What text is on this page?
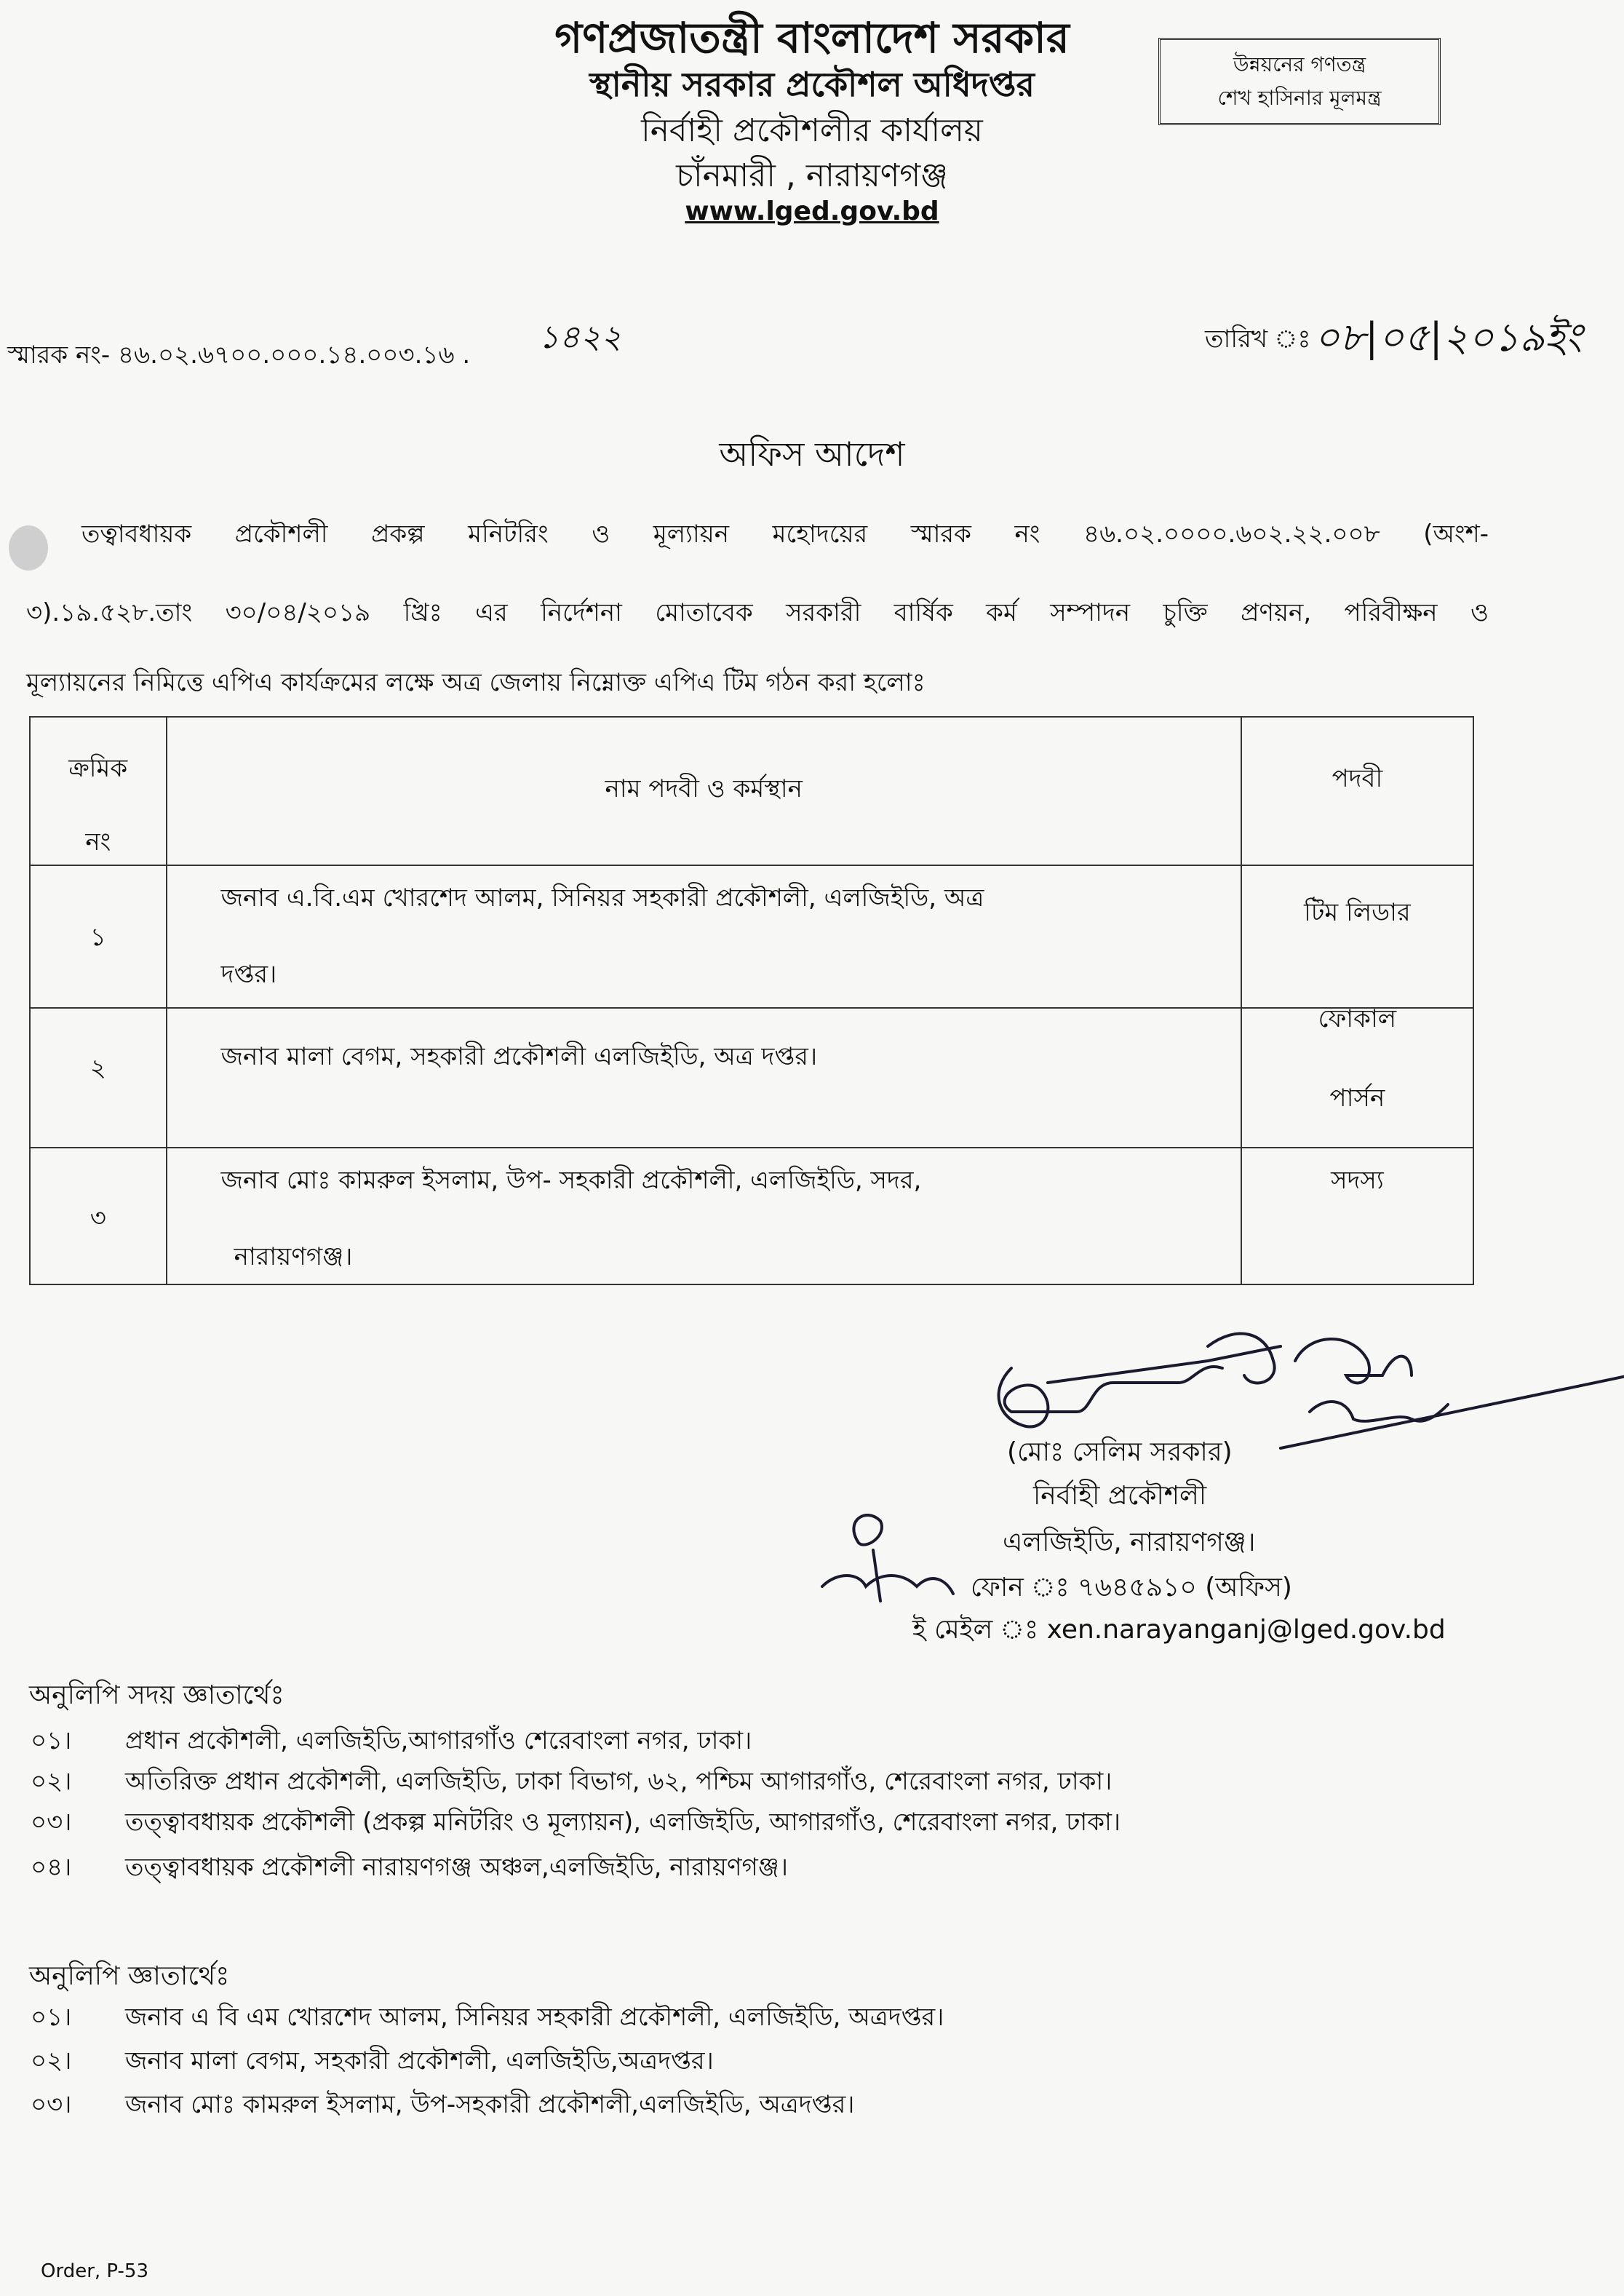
গণপ্রজাতন্ত্রী বাংলাদেশ সরকার
স্থানীয় সরকার প্রকৌশল অধিদপ্তর
নির্বাহী প্রকৌশলীর কার্যালয়
চাঁনমারী , নারায়ণগঞ্জ
www.lged.gov.bd
উন্নয়নের গণতন্ত্র
শেখ হাসিনার মূলমন্ত্র
স্মারক নং- ৪৬.০২.৬৭০০.০০০.১৪.০০৩.১৬ . ১৪২২	তারিখ ঃ ০৮|০৫|২০১৯ইং
অফিস আদেশ
তত্বাবধায়ক প্রকৌশলী প্রকল্প মনিটরিং ও মূল্যায়ন মহোদয়ের স্মারক নং ৪৬.০২.০০০০.৬০২.২২.০০৮ (অংশ-
৩).১৯.৫২৮.তাং ৩০/০৪/২০১৯ খ্রিঃ এর নির্দেশনা মোতাবেক সরকারী বার্ষিক কর্ম সম্পাদন চুক্তি প্রণয়ন, পরিবীক্ষন ও
মূল্যায়নের নিমিত্তে এপিএ কার্যক্রমের লক্ষে অত্র জেলায় নিম্নোক্ত এপিএ টিম গঠন করা হলোঃ
ক্রমিক
নং	নাম পদবী ও কর্মস্থান	পদবী

১	জনাব এ.বি.এম খোরশেদ আলম, সিনিয়র সহকারী প্রকৌশলী, এলজিইডি, অত্র
দপ্তর।	টিম লিডার

২	জনাব মালা বেগম, সহকারী প্রকৌশলী এলজিইডি, অত্র দপ্তর।	ফোকাল
পার্সন

৩	জনাব মোঃ কামরুল ইসলাম, উপ- সহকারী প্রকৌশলী, এলজিইডি, সদর,
নারায়ণগঞ্জ।	সদস্য
(মোঃ সেলিম সরকার)
নির্বাহী প্রকৌশলী
এলজিইডি, নারায়ণগঞ্জ।
ফোন ঃ ৭৬৪৫৯১০ (অফিস)
ই মেইল ঃ xen.narayanganj@lged.gov.bd
অনুলিপি সদয় জ্ঞাতার্থেঃ
০১। প্রধান প্রকৌশলী, এলজিইডি,আগারগাঁও শেরেবাংলা নগর, ঢাকা।
০২। অতিরিক্ত প্রধান প্রকৌশলী, এলজিইডি, ঢাকা বিভাগ, ৬২, পশ্চিম আগারগাঁও, শেরেবাংলা নগর, ঢাকা।
০৩। তত্ত্বাবধায়ক প্রকৌশলী (প্রকল্প মনিটরিং ও মূল্যায়ন), এলজিইডি, আগারগাঁও, শেরেবাংলা নগর, ঢাকা।
০৪। তত্ত্বাবধায়ক প্রকৌশলী নারায়ণগঞ্জ অঞ্চল,এলজিইডি, নারায়ণগঞ্জ।
অনুলিপি জ্ঞাতার্থেঃ
০১। জনাব এ বি এম খোরশেদ আলম, সিনিয়র সহকারী প্রকৌশলী, এলজিইডি, অত্রদপ্তর।
০২। জনাব মালা বেগম, সহকারী প্রকৌশলী, এলজিইডি,অত্রদপ্তর।
০৩। জনাব মোঃ কামরুল ইসলাম, উপ-সহকারী প্রকৌশলী,এলজিইডি, অত্রদপ্তর।
Order, P-53
